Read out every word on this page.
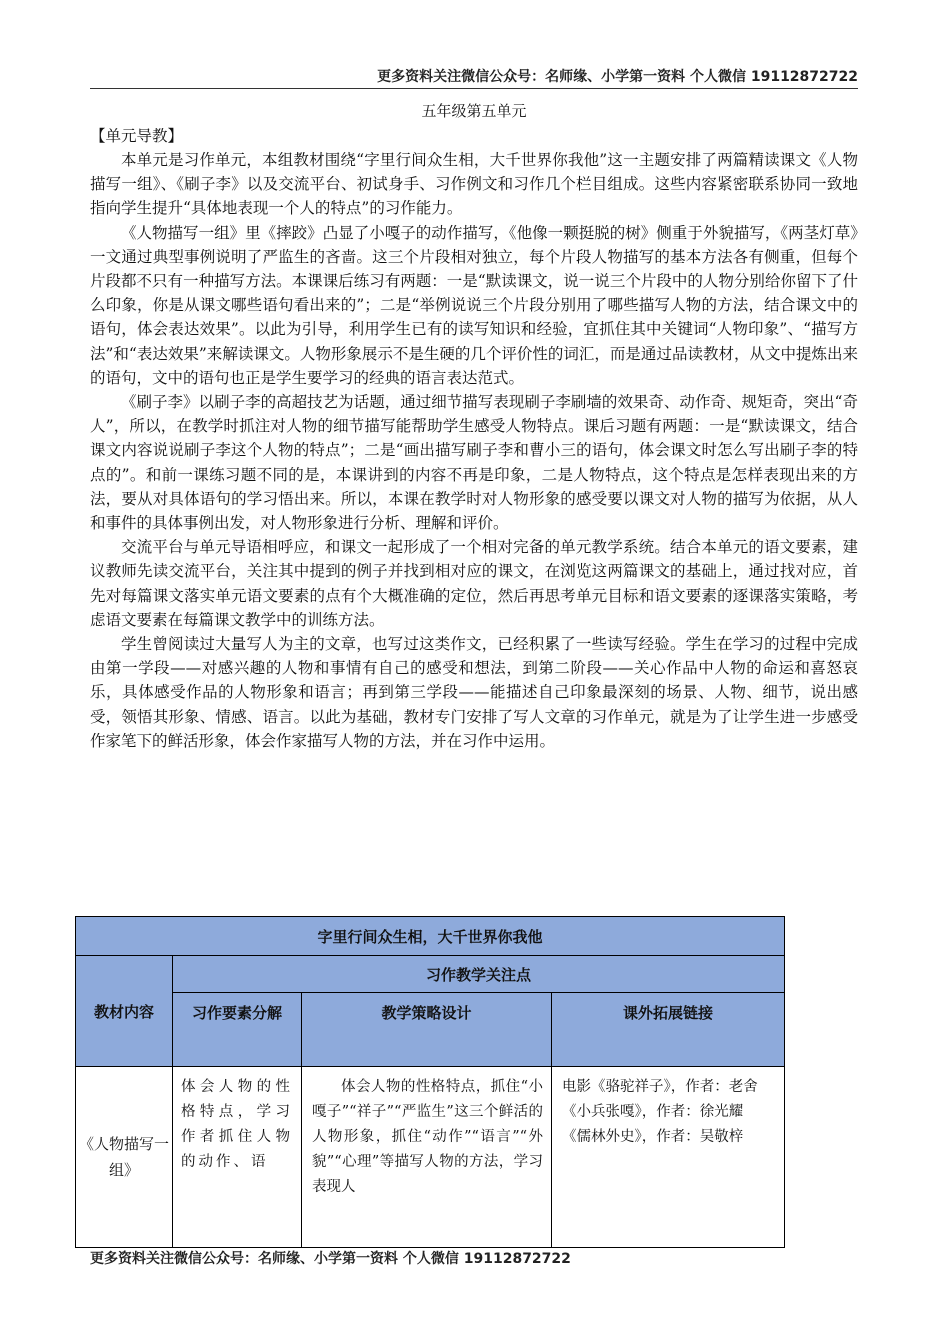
更多资料关注微信公众号：名师缘、小学第一资料 个人微信 19112872722
五年级第五单元
【单元导教】

本单元是习作单元，本组教材围绕“字里行间众生相，大千世界你我他”这一主题安排了两篇精读课文《人物描写一组》、《刷子李》以及交流平台、初试身手、习作例文和习作几个栏目组成。这些内容紧密联系协同一致地指向学生提升“具体地表现一个人的特点”的习作能力。

《人物描写一组》里《摔跤》凸显了小嘎子的动作描写，《他像一颗挺脱的树》侧重于外貌描写，《两茎灯草》一文通过典型事例说明了严监生的吝啬。这三个片段相对独立，每个片段人物描写的基本方法各有侧重，但每个片段都不只有一种描写方法。本课课后练习有两题：一是“默读课文，说一说三个片段中的人物分别给你留下了什么印象，你是从课文哪些语句看出来的”；二是“举例说说三个片段分别用了哪些描写人物的方法，结合课文中的语句，体会表达效果”。以此为引导，利用学生已有的读写知识和经验，宜抓住其中关键词“人物印象”、“描写方法”和“表达效果”来解读课文。人物形象展示不是生硬的几个评价性的词汇，而是通过品读教材，从文中提炼出来的语句，文中的语句也正是学生要学习的经典的语言表达范式。

《刷子李》以刷子李的高超技艺为话题，通过细节描写表现刷子李刷墙的效果奇、动作奇、规矩奇，突出“奇人”，所以，在教学时抓注对人物的细节描写能帮助学生感受人物特点。课后习题有两题：一是“默读课文，结合课文内容说说刷子李这个人物的特点”；二是“画出描写刷子李和曹小三的语句，体会课文时怎么写出刷子李的特点的”。和前一课练习题不同的是，本课讲到的内容不再是印象，二是人物特点，这个特点是怎样表现出来的方法，要从对具体语句的学习悟出来。所以，本课在教学时对人物形象的感受要以课文对人物的描写为依据，从人和事件的具体事例出发，对人物形象进行分析、理解和评价。

交流平台与单元导语相呼应，和课文一起形成了一个相对完备的单元教学系统。结合本单元的语文要素，建议教师先读交流平台，关注其中提到的例子并找到相对应的课文，在浏览这两篇课文的基础上，通过找对应，首先对每篇课文落实单元语文要素的点有个大概准确的定位，然后再思考单元目标和语文要素的逐课落实策略，考虑语文要素在每篇课文教学中的训练方法。

学生曾阅读过大量写人为主的文章，也写过这类作文，已经积累了一些读写经验。学生在学习的过程中完成由第一学段——对感兴趣的人物和事情有自己的感受和想法，到第二阶段——关心作品中人物的命运和喜怒哀乐，具体感受作品的人物形象和语言；再到第三学段——能描述自己印象最深刻的场景、人物、细节，说出感受，领悟其形象、情感、语言。以此为基础，教材专门安排了写人文章的习作单元，就是为了让学生进一步感受作家笔下的鲜活形象，体会作家描写人物的方法，并在习作中运用。

字里行间众生相，大千世界你我他			
教材内容	习作教学关注点		
	习作要素分解	教学策略设计	课外拓展链接
《人物描写一组》	体会人物的性格特点，学习作者抓住人物的动作、语	体会人物的性格特点，抓住“小嘎子”“祥子”“严监生”这三个鲜活的人物形象，抓住“动作”“语言”“外貌”“心理”等描写人物的方法，学习表现人	电影《骆驼祥子》，作者：老舍
《小兵张嘎》，作者：徐光耀
《儒林外史》，作者：吴敬梓
更多资料关注微信公众号：名师缘、小学第一资料 个人微信 19112872722
